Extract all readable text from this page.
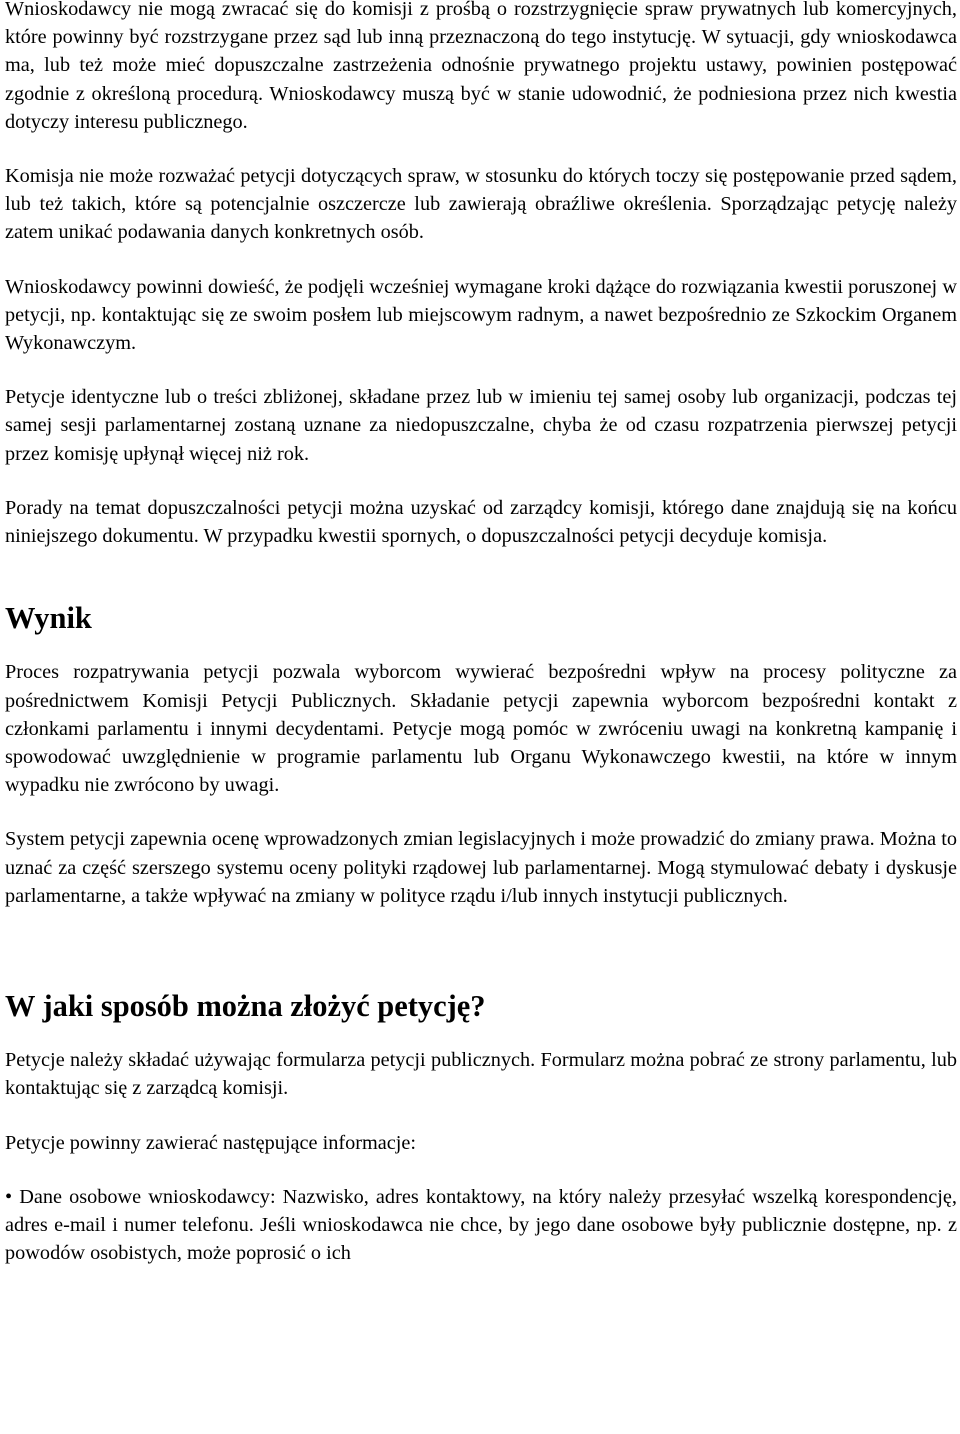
Wnioskodawcy nie mogą zwracać się do komisji z prośbą o rozstrzygnięcie spraw prywatnych lub komercyjnych, które powinny być rozstrzygane przez sąd lub inną przeznaczoną do tego instytucję. W sytuacji, gdy wnioskodawca ma, lub też może mieć dopuszczalne zastrzeżenia odnośnie prywatnego projektu ustawy, powinien postępować zgodnie z określoną procedurą. Wnioskodawcy muszą być w stanie udowodnić, że podniesiona przez nich kwestia dotyczy interesu publicznego.

Komisja nie może rozważać petycji dotyczących spraw, w stosunku do których toczy się postępowanie przed sądem, lub też takich, które są potencjalnie oszczercze lub zawierają obraźliwe określenia. Sporządzając petycję należy zatem unikać podawania danych konkretnych osób.

Wnioskodawcy powinni dowieść, że podjęli wcześniej wymagane kroki dążące do rozwiązania kwestii poruszonej w petycji, np. kontaktując się ze swoim posłem lub miejscowym radnym, a nawet bezpośrednio ze Szkockim Organem Wykonawczym.

Petycje identyczne lub o treści zbliżonej, składane przez lub w imieniu tej samej osoby lub organizacji, podczas tej samej sesji parlamentarnej zostaną uznane za niedopuszczalne, chyba że od czasu rozpatrzenia pierwszej petycji przez komisję upłynął więcej niż rok.

Porady na temat dopuszczalności petycji można uzyskać od zarządcy komisji, którego dane znajdują się na końcu niniejszego dokumentu. W przypadku kwestii spornych, o dopuszczalności petycji decyduje komisja.

Wynik

Proces rozpatrywania petycji pozwala wyborcom wywierać bezpośredni wpływ na procesy polityczne za pośrednictwem Komisji Petycji Publicznych. Składanie petycji zapewnia wyborcom bezpośredni kontakt z członkami parlamentu i innymi decydentami. Petycje mogą pomóc w zwróceniu uwagi na konkretną kampanię i spowodować uwzględnienie w programie parlamentu lub Organu Wykonawczego kwestii, na które w innym wypadku nie zwrócono by uwagi.

System petycji zapewnia ocenę wprowadzonych zmian legislacyjnych i może prowadzić do zmiany prawa. Można to uznać za część szerszego systemu oceny polityki rządowej lub parlamentarnej. Mogą stymulować debaty i dyskusje parlamentarne, a także wpływać na zmiany w polityce rządu i/lub innych instytucji publicznych.

W jaki sposób można złożyć petycję?

Petycje należy składać używając formularza petycji publicznych. Formularz można pobrać ze strony parlamentu, lub kontaktując się z zarządcą komisji.

Petycje powinny zawierać następujące informacje:

• Dane osobowe wnioskodawcy: Nazwisko, adres kontaktowy, na który należy przesyłać wszelką korespondencję, adres e-mail i numer telefonu. Jeśli wnioskodawca nie chce, by jego dane osobowe były publicznie dostępne, np. z powodów osobistych, może poprosić o ich
